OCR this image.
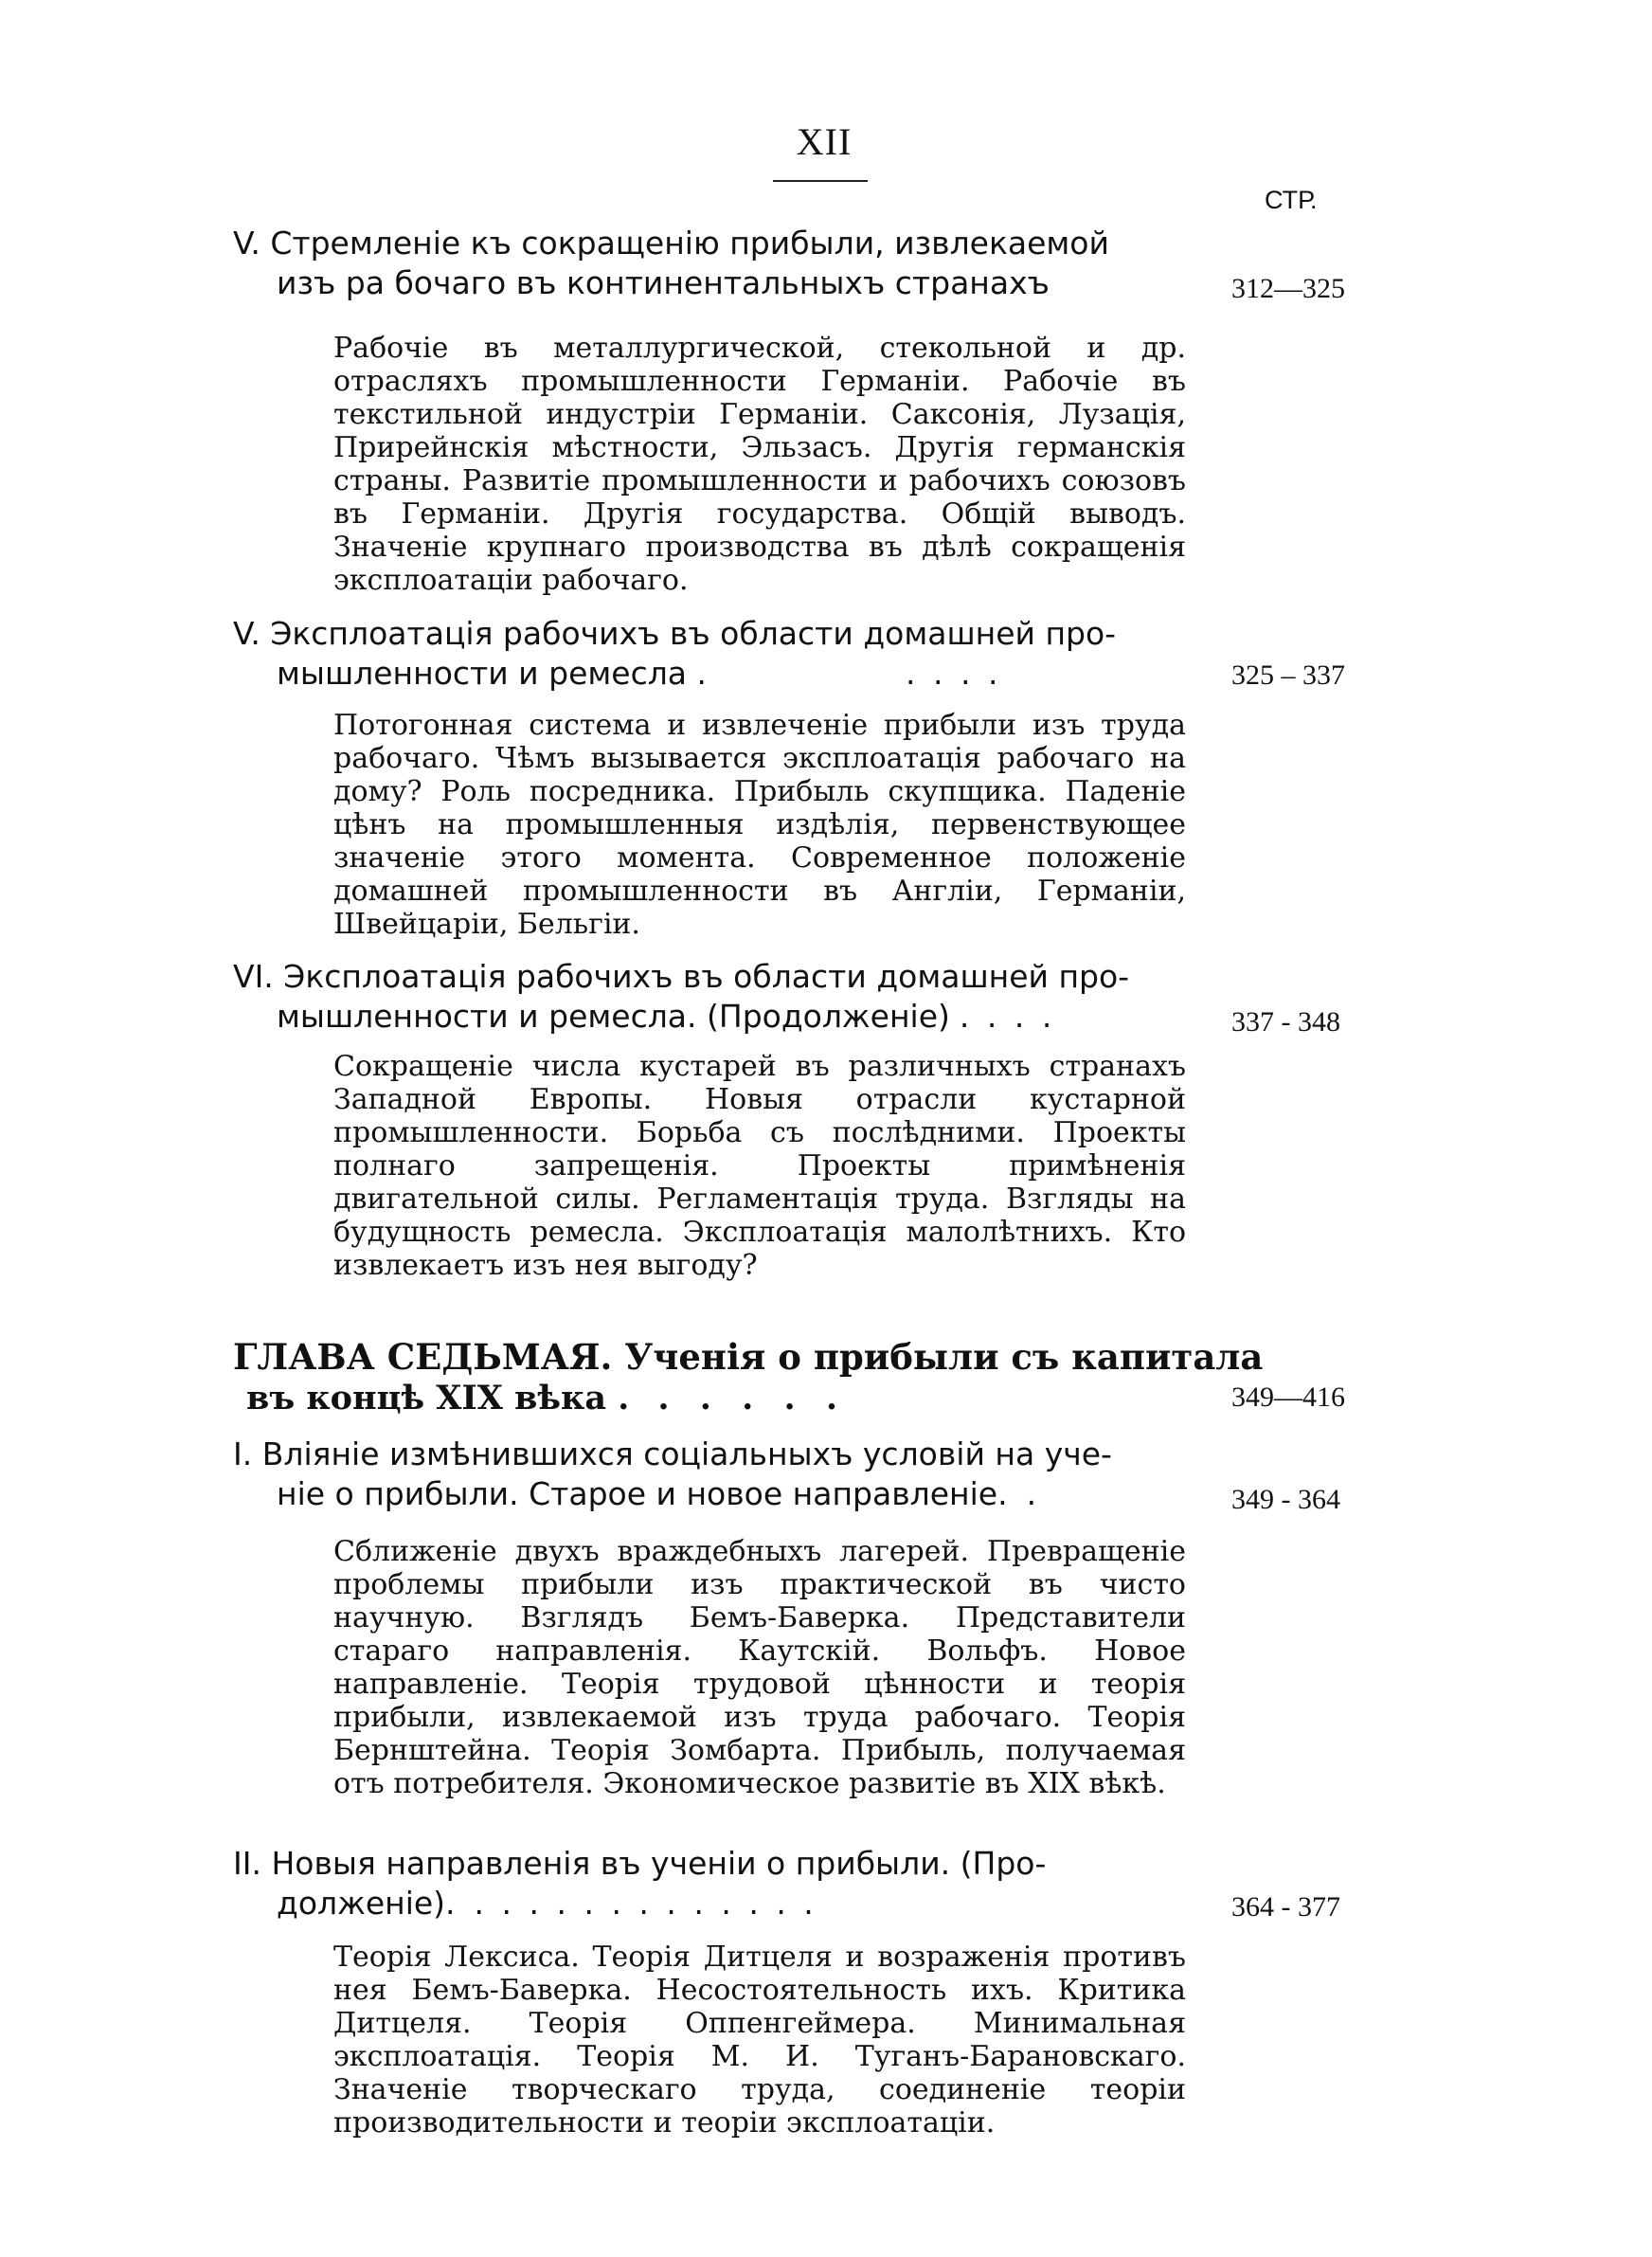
XII
СТР.
V. Стремленіе къ сокращенію прибыли, извлекаемой
изъ ра бочаго въ континентальныхъ странахъ	312—325
Рабочіе въ металлургической, стекольной и др. отрасляхъ промышленности Германіи. Рабочіе въ текстильной индустріи Германіи. Саксонія, Лузація, Прирейнскія мѣстности, Эльзасъ. Другія германскія страны. Развитіе промышленности и рабочихъ союзовъ въ Германіи. Другія государства. Общій выводъ. Значеніе крупнаго производства въ дѣлѣ сокращенія эксплоатаціи рабочаго.
V. Эксплоатація рабочихъ въ области домашней про-
мышленности и ремесла .	. . . .	325 – 337
Потогонная система и извлеченіе прибыли изъ труда рабочаго. Чѣмъ вызывается эксплоатація рабочаго на дому? Роль посредника. Прибыль скупщика. Паденіе цѣнъ на промышленныя издѣлія, первенствующее значеніе этого момента. Современное положеніе домашней промышленности въ Англіи, Германіи, Швейцаріи, Бельгіи.
VI. Эксплоатація рабочихъ въ области домашней про-
мышленности и ремесла. (Продолженіе) . . . .	337 - 348
Сокращеніе числа кустарей въ различныхъ странахъ Западной Европы. Новыя отрасли кустарной промышленности. Борьба съ послѣдними. Проекты полнаго запрещенія. Проекты примѣненія двигательной силы. Регламентація труда. Взгляды на будущность ремесла. Эксплоатація малолѣтнихъ. Кто извлекаетъ изъ нея выгоду?
ГЛАВА СЕДЬМАЯ. Ученія о прибыли съ капитала
въ концѣ XIX вѣка . . . . . .	349—416
I. Вліяніе измѣнившихся соціальныхъ условій на уче-
ніе о прибыли. Старое и новое направленіе. .	349 - 364
Сближеніе двухъ враждебныхъ лагерей. Превращеніе проблемы прибыли изъ практической въ чисто научную. Взглядъ Бемъ-Баверка. Представители стараго направленія. Каутскій. Вольфъ. Новое направленіе. Теорія трудовой цѣнности и теорія прибыли, извлекаемой изъ труда рабочаго. Теорія Бернштейна. Теорія Зомбарта. Прибыль, получаемая отъ потребителя. Экономическое развитіе въ XIX вѣкѣ.
II. Новыя направленія въ ученіи о прибыли. (Про-
долженіе). . . . . . . . . . . . . .	364 - 377
Теорія Лексиса. Теорія Дитцеля и возраженія противъ нея Бемъ-Баверка. Несостоятельность ихъ. Критика Дитцеля. Теорія Оппенгеймера. Минимальная эксплоатація. Теорія М. И. Туганъ-Барановскаго. Значеніе творческаго труда, соединеніе теоріи производительности и теоріи эксплоатаціи.
